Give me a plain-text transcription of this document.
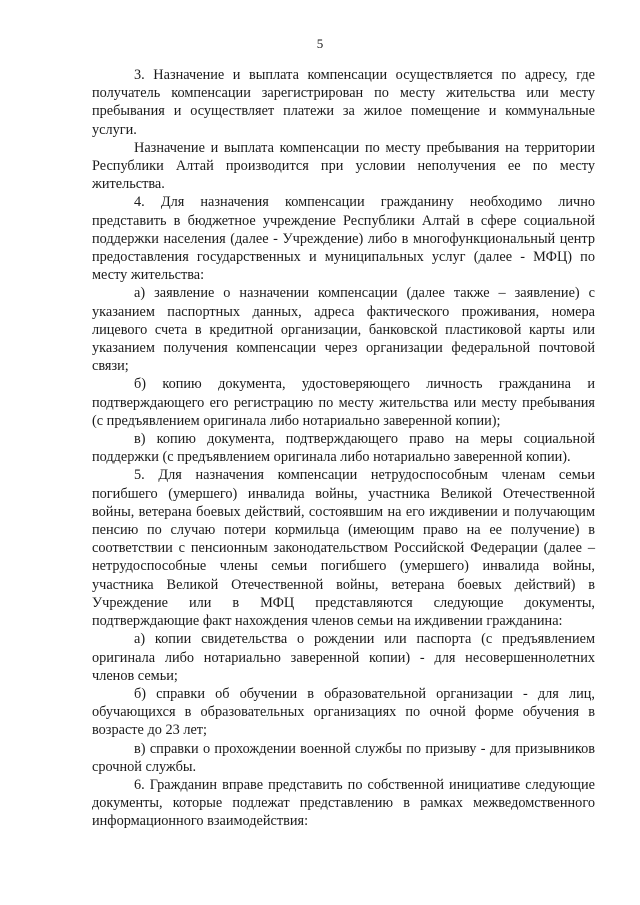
5

3. Назначение и выплата компенсации осуществляется по адресу, где получатель компенсации зарегистрирован по месту жительства или месту пребывания и осуществляет платежи за жилое помещение и коммунальные услуги.

Назначение и выплата компенсации по месту пребывания на территории Республики Алтай производится при условии неполучения ее по месту жительства.

4. Для назначения компенсации гражданину необходимо лично представить в бюджетное учреждение Республики Алтай в сфере социальной поддержки населения (далее - Учреждение) либо в многофункциональный центр предоставления государственных и муниципальных услуг (далее - МФЦ) по месту жительства:

а) заявление о назначении компенсации (далее также – заявление) с указанием паспортных данных, адреса фактического проживания, номера лицевого счета в кредитной организации, банковской пластиковой карты или указанием получения компенсации через организации федеральной почтовой связи;

б) копию документа, удостоверяющего личность гражданина и подтверждающего его регистрацию по месту жительства или месту пребывания (с предъявлением оригинала либо нотариально заверенной копии);

в) копию документа, подтверждающего право на меры социальной поддержки (с предъявлением оригинала либо нотариально заверенной копии).

5. Для назначения компенсации нетрудоспособным членам семьи погибшего (умершего) инвалида войны, участника Великой Отечественной войны, ветерана боевых действий, состоявшим на его иждивении и получающим пенсию по случаю потери кормильца (имеющим право на ее получение) в соответствии с пенсионным законодательством Российской Федерации (далее – нетрудоспособные члены семьи погибшего (умершего) инвалида войны, участника Великой Отечественной войны, ветерана боевых действий) в Учреждение или в МФЦ представляются следующие документы, подтверждающие факт нахождения членов семьи на иждивении гражданина:

а) копии свидетельства о рождении или паспорта (с предъявлением оригинала либо нотариально заверенной копии) - для несовершеннолетних членов семьи;

б) справки об обучении в образовательной организации - для лиц, обучающихся в образовательных организациях по очной форме обучения в возрасте до 23 лет;

в) справки о прохождении военной службы по призыву - для призывников срочной службы.

6. Гражданин вправе представить по собственной инициативе следующие документы, которые подлежат представлению в рамках межведомственного информационного взаимодействия:
